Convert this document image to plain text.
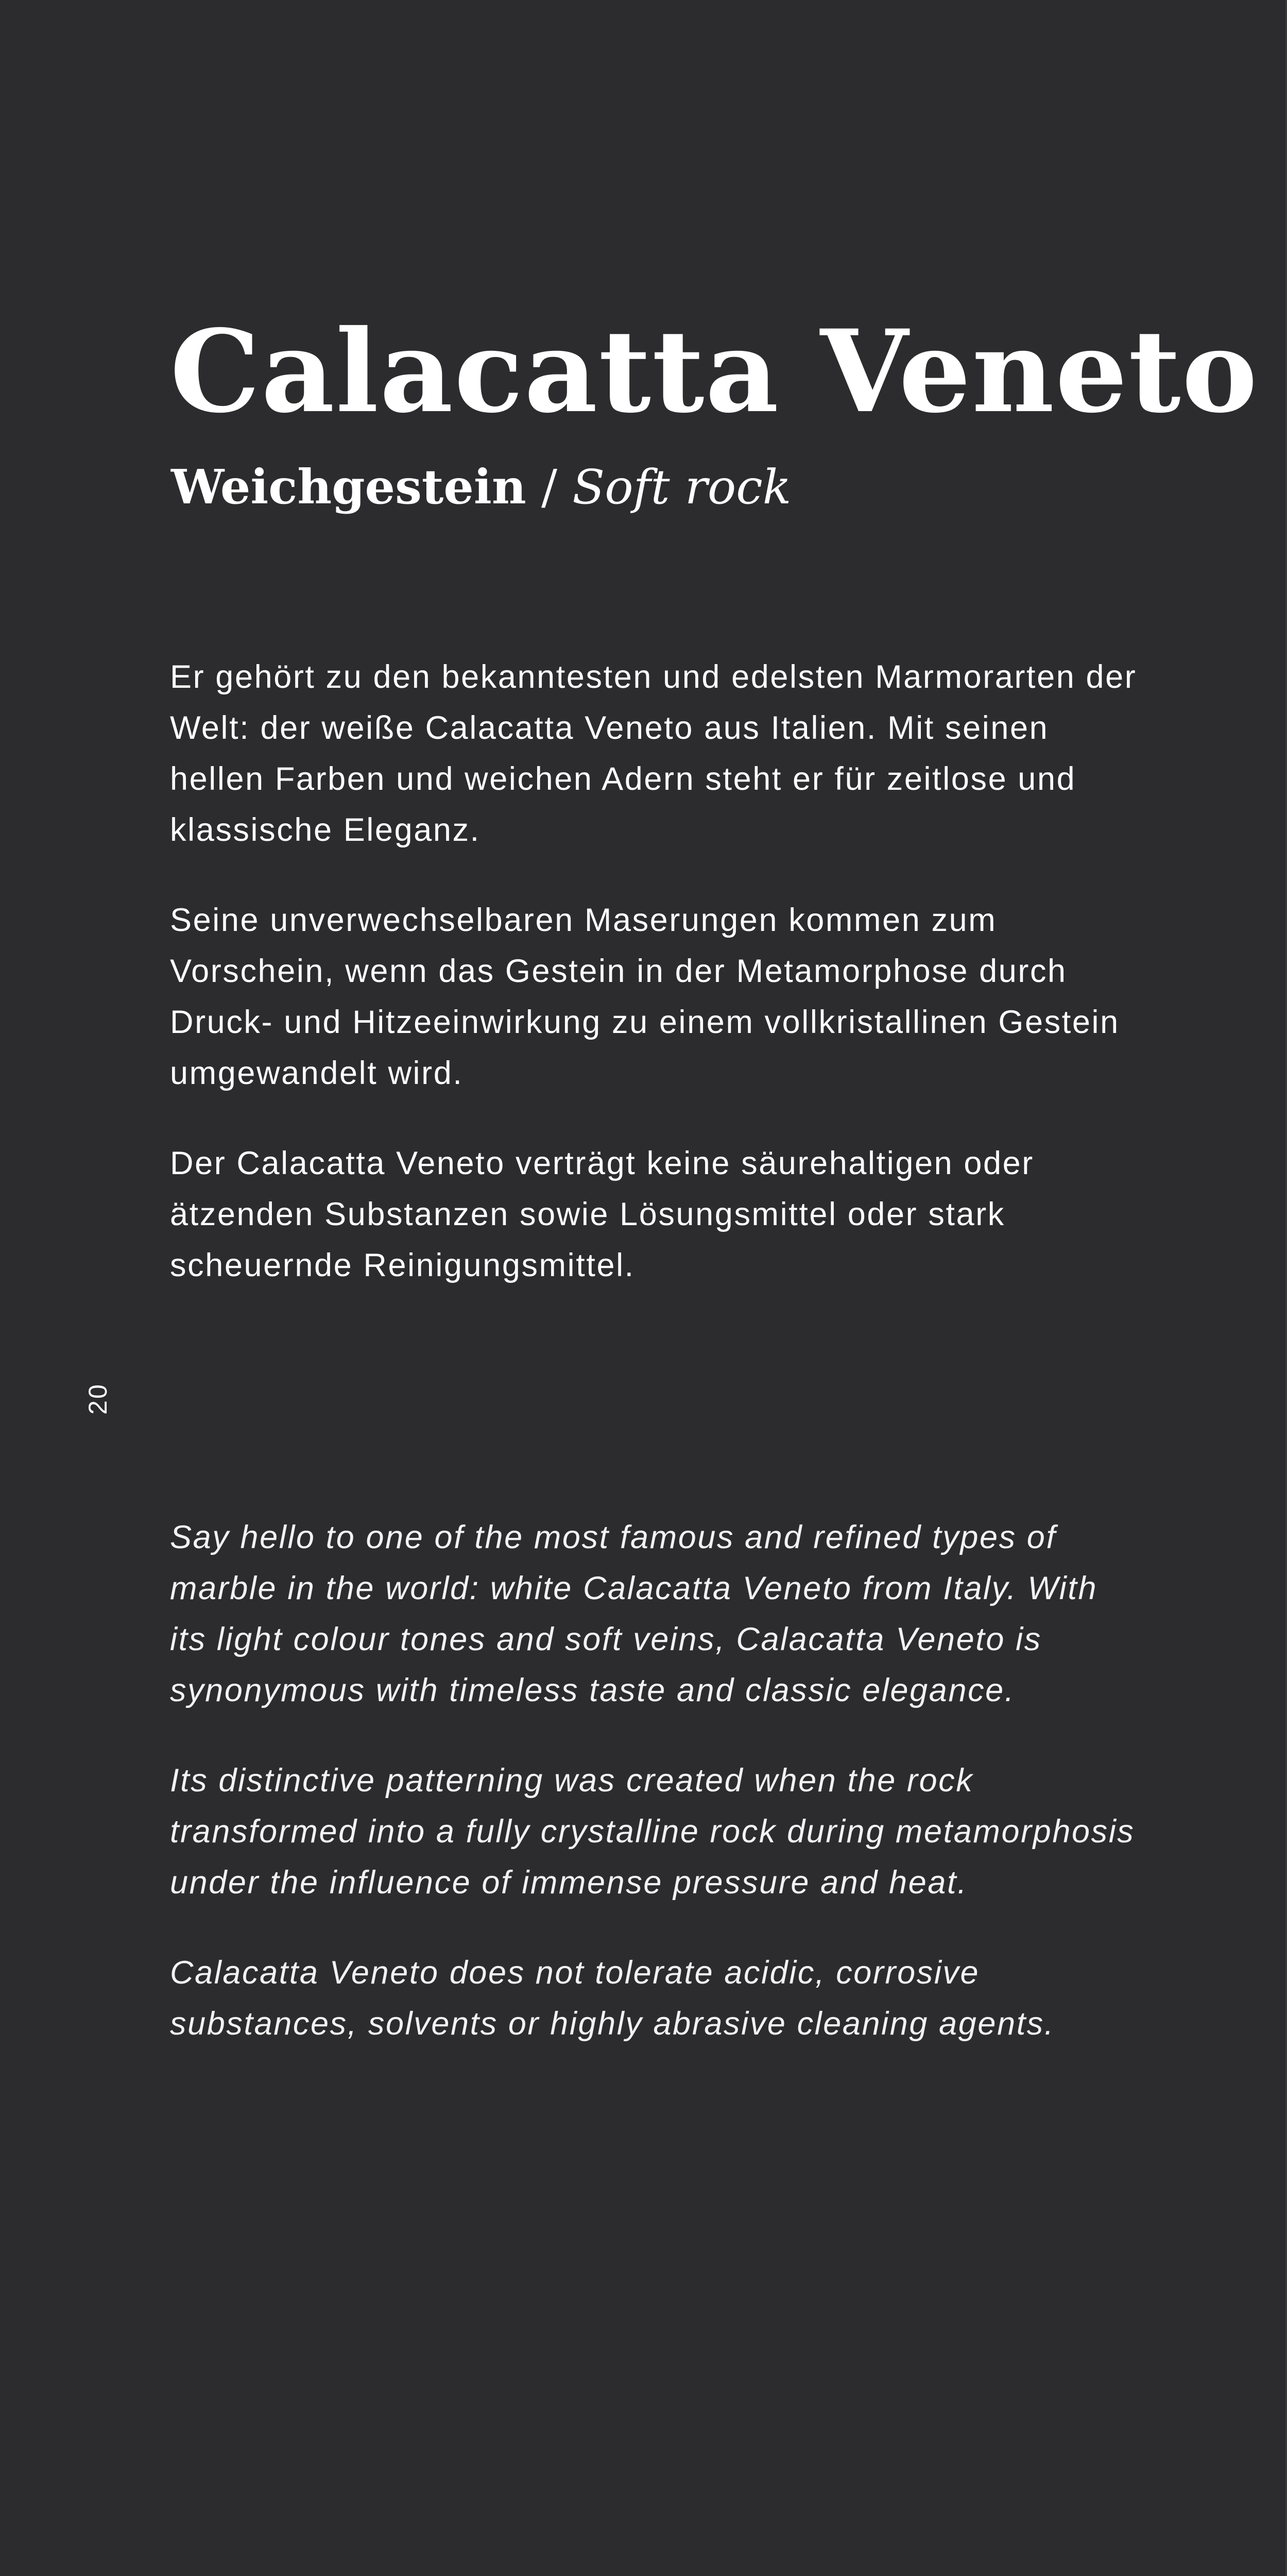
Calacatta Veneto
Weichgestein / Soft rock

Er gehört zu den bekanntesten und edelsten Marmorarten der Welt: der weiße Calacatta Veneto aus Italien. Mit seinen hellen Farben und weichen Adern steht er für zeitlose und klassische Eleganz.

Seine unverwechselbaren Maserungen kommen zum Vorschein, wenn das Gestein in der Metamorphose durch Druck- und Hitzeeinwirkung zu einem vollkristallinen Gestein umgewandelt wird.

Der Calacatta Veneto verträgt keine säurehaltigen oder ätzenden Substanzen sowie Lösungsmittel oder stark scheuernde Reinigungsmittel.

20

Say hello to one of the most famous and refined types of marble in the world: white Calacatta Veneto from Italy. With its light colour tones and soft veins, Calacatta Veneto is synonymous with timeless taste and classic elegance.

Its distinctive patterning was created when the rock transformed into a fully crystalline rock during metamorphosis under the influence of immense pressure and heat.

Calacatta Veneto does not tolerate acidic, corrosive substances, solvents or highly abrasive cleaning agents.
